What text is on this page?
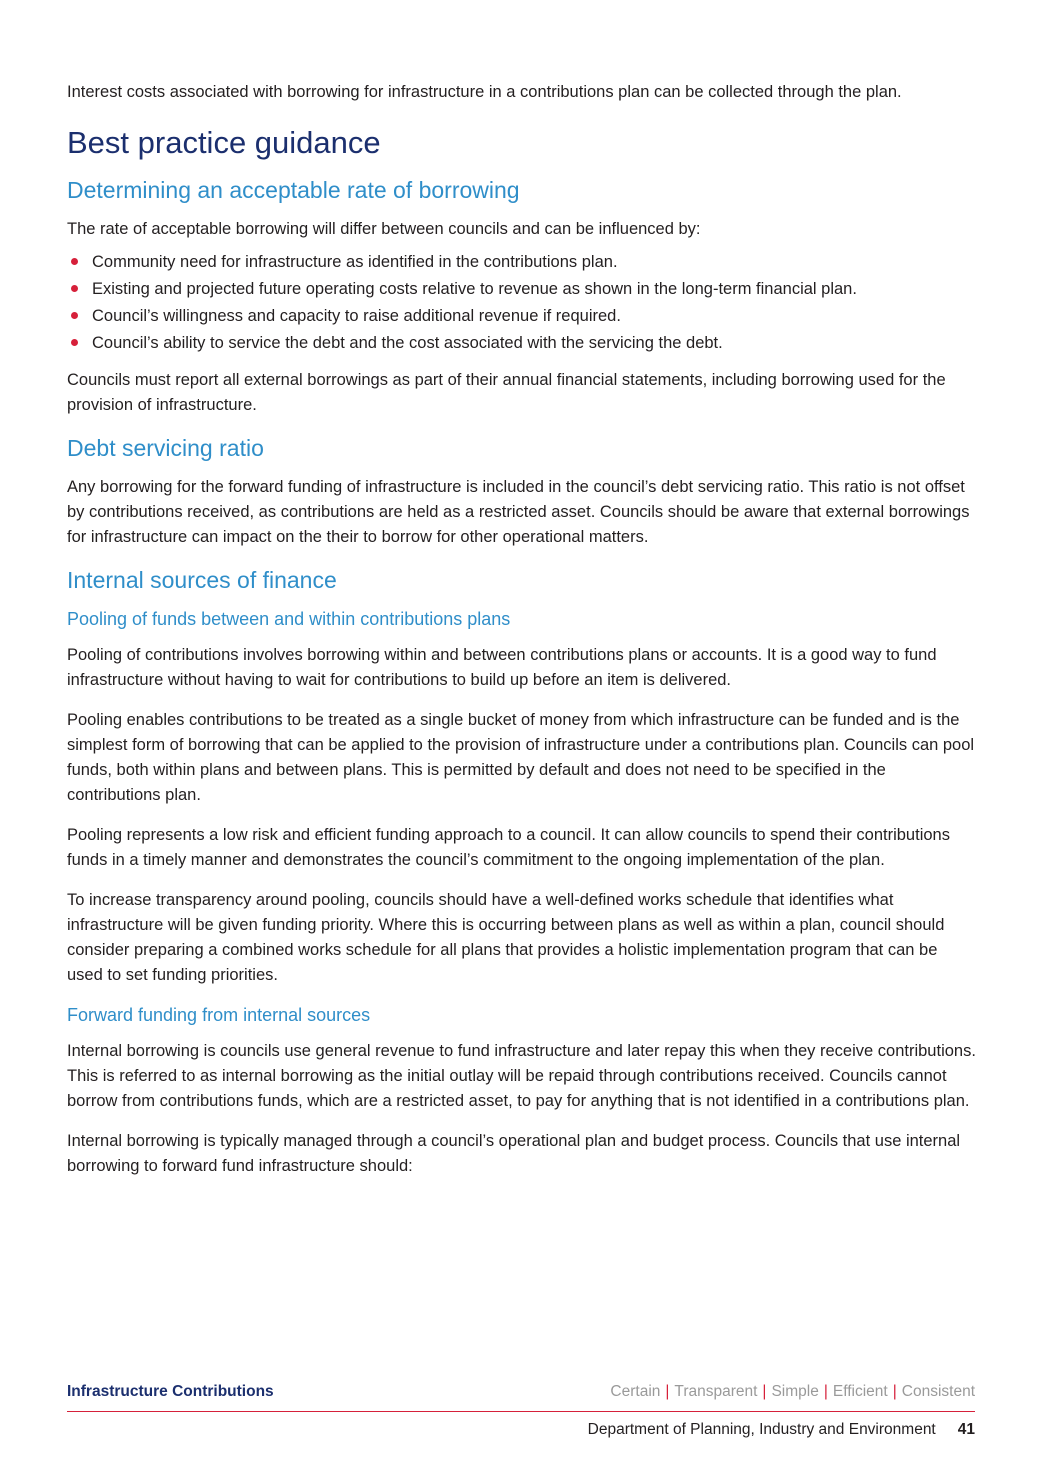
Interest costs associated with borrowing for infrastructure in a contributions plan can be collected through the plan.

Best practice guidance
Determining an acceptable rate of borrowing

The rate of acceptable borrowing will differ between councils and can be influenced by:

Community need for infrastructure as identified in the contributions plan.
Existing and projected future operating costs relative to revenue as shown in the long-term financial plan.
Council’s willingness and capacity to raise additional revenue if required.
Council’s ability to service the debt and the cost associated with the servicing the debt.

Councils must report all external borrowings as part of their annual financial statements, including borrowing used for the provision of infrastructure.

Debt servicing ratio

Any borrowing for the forward funding of infrastructure is included in the council’s debt servicing ratio. This ratio is not offset by contributions received, as contributions are held as a restricted asset. Councils should be aware that external borrowings for infrastructure can impact on the their to borrow for other operational matters.

Internal sources of finance
Pooling of funds between and within contributions plans

Pooling of contributions involves borrowing within and between contributions plans or accounts. It is a good way to fund infrastructure without having to wait for contributions to build up before an item is delivered.

Pooling enables contributions to be treated as a single bucket of money from which infrastructure can be funded and is the simplest form of borrowing that can be applied to the provision of infrastructure under a contributions plan. Councils can pool funds, both within plans and between plans. This is permitted by default and does not need to be specified in the contributions plan.

Pooling represents a low risk and efficient funding approach to a council. It can allow councils to spend their contributions funds in a timely manner and demonstrates the council’s commitment to the ongoing implementation of the plan.

To increase transparency around pooling, councils should have a well-defined works schedule that identifies what infrastructure will be given funding priority. Where this is occurring between plans as well as within a plan, council should consider preparing a combined works schedule for all plans that provides a holistic implementation program that can be used to set funding priorities.

Forward funding from internal sources

Internal borrowing is councils use general revenue to fund infrastructure and later repay this when they receive contributions. This is referred to as internal borrowing as the initial outlay will be repaid through contributions received. Councils cannot borrow from contributions funds, which are a restricted asset, to pay for anything that is not identified in a contributions plan.

Internal borrowing is typically managed through a council’s operational plan and budget process. Councils that use internal borrowing to forward fund infrastructure should:

Infrastructure Contributions	Certain | Transparent | Simple | Efficient | Consistent
Department of Planning, Industry and Environment 41
